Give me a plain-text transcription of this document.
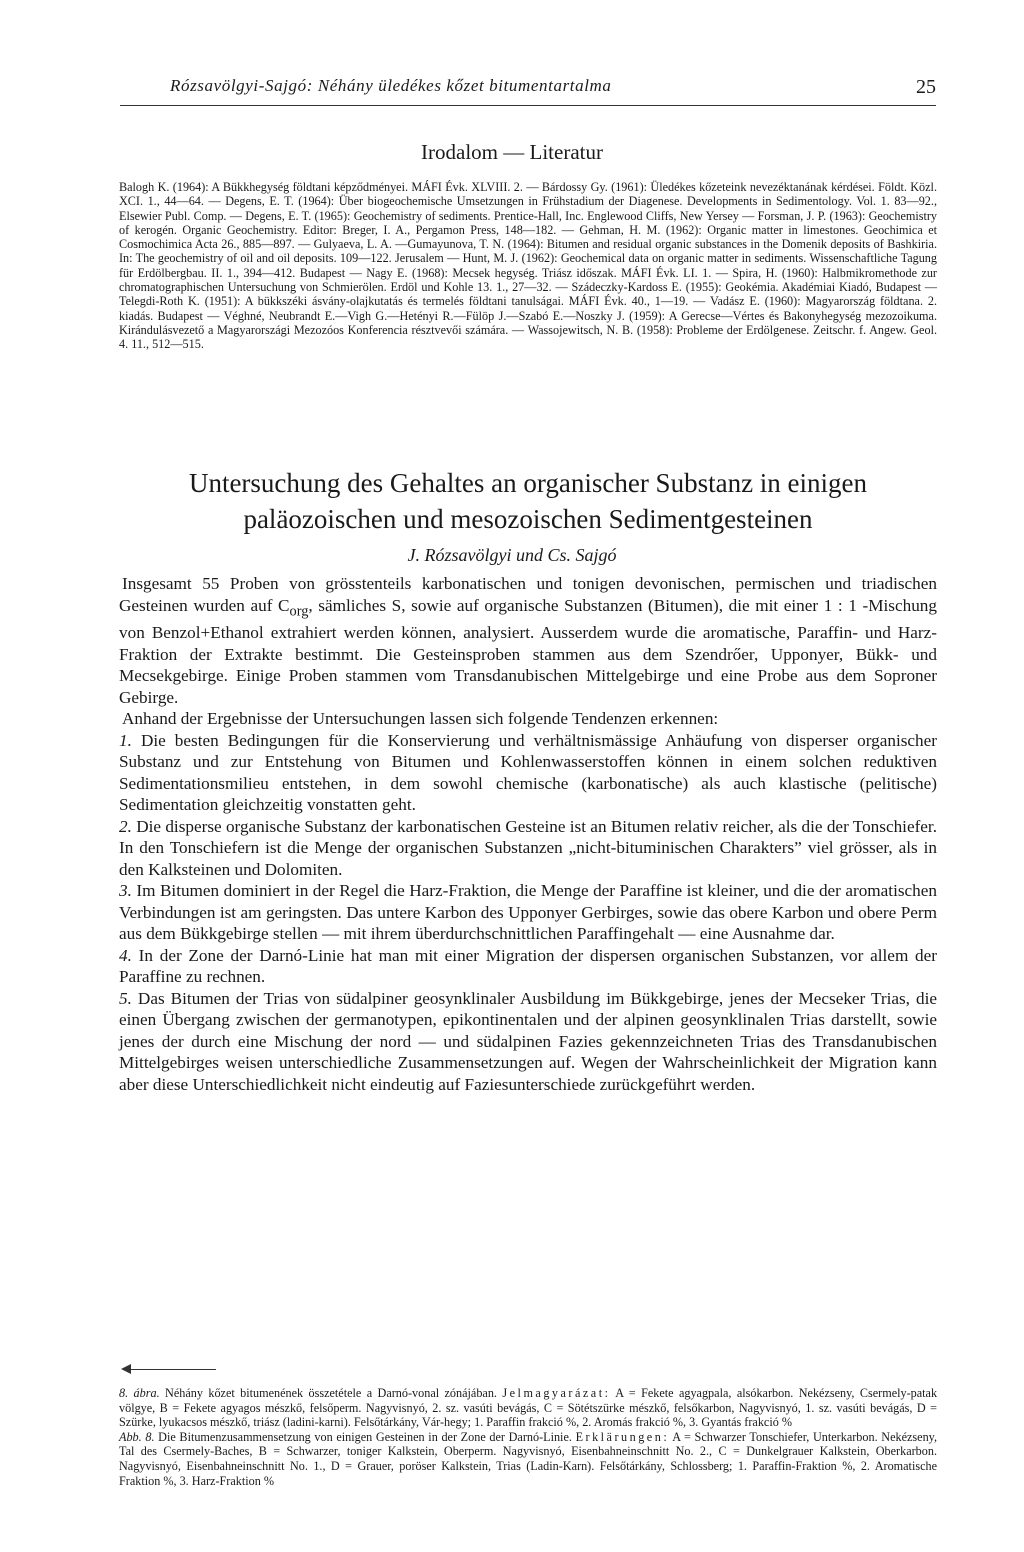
Rózsavölgyi-Sajgó: Néhány üledékes kőzet bitumentartalma	25
Irodalom — Literatur

Balogh K. (1964): A Bükkhegység földtani képződményei. MÁFI Évk. XLVIII. 2. — Bárdossy Gy. (1961): Üledékes kőzeteink nevezéktanának kérdései. Földt. Közl. XCI. 1., 44—64. — Degens, E. T. (1964): Über biogeochemische Umsetzungen in Frühstadium der Diagenese. Developments in Sedimentology. Vol. 1. 83—92., Elsewier Publ. Comp. — Degens, E. T. (1965): Geochemistry of sediments. Prentice-Hall, Inc. Englewood Cliffs, New Yersey — Forsman, J. P. (1963): Geochemistry of kerogén. Organic Geochemistry. Editor: Breger, I. A., Pergamon Press, 148—182. — Gehman, H. M. (1962): Organic matter in limestones. Geochimica et Cosmochimica Acta 26., 885—897. — Gulyaeva, L. A. —Gumayunova, T. N. (1964): Bitumen and residual organic substances in the Domenik deposits of Bashkiria. In: The geochemistry of oil and oil deposits. 109—122. Jerusalem — Hunt, M. J. (1962): Geochemical data on organic matter in sediments. Wissenschaftliche Tagung für Erdölbergbau. II. 1., 394—412. Budapest — Nagy E. (1968): Mecsek hegység. Triász időszak. MÁFI Évk. LI. 1. — Spira, H. (1960): Halbmikromethode zur chromatographischen Untersuchung von Schmierölen. Erdöl und Kohle 13. 1., 27—32. — Szádeczky-Kardoss E. (1955): Geokémia. Akadémiai Kiadó, Budapest — Telegdi-Roth K. (1951): A bükkszéki ásvány-olajkutatás és termelés földtani tanulságai. MÁFI Évk. 40., 1—19. — Vadász E. (1960): Magyarország földtana. 2. kiadás. Budapest — Véghné, Neubrandt E.—Vigh G.—Hetényi R.—Fülöp J.—Szabó E.—Noszky J. (1959): A Gerecse—Vértes és Bakonyhegység mezozoikuma. Kirándulásvezető a Magyarországi Mezozóos Konferencia résztvevői számára. — Wassojewitsch, N. B. (1958): Probleme der Erdölgenese. Zeitschr. f. Angew. Geol. 4. 11., 512—515.

Untersuchung des Gehaltes an organischer Substanz in einigen paläozoischen und mesozoischen Sedimentgesteinen
J. Rózsavölgyi und Cs. Sajgó

Insgesamt 55 Proben von grösstenteils karbonatischen und tonigen devonischen, permischen und triadischen Gesteinen wurden auf $C_{org}$, sämliches S, sowie auf organische Substanzen (Bitumen), die mit einer 1 : 1 -Mischung von Benzol+Ethanol extrahiert werden können, analysiert. Ausserdem wurde die aromatische, Paraffin- und Harz-Fraktion der Extrakte bestimmt. Die Gesteinsproben stammen aus dem Szendrőer, Upponyer, Bükk- und Mecsekgebirge. Einige Proben stammen vom Transdanubischen Mittelgebirge und eine Probe aus dem Soproner Gebirge.

Anhand der Ergebnisse der Untersuchungen lassen sich folgende Tendenzen erkennen:

1. Die besten Bedingungen für die Konservierung und verhältnismässige Anhäufung von disperser organischer Substanz und zur Entstehung von Bitumen und Kohlenwasserstoffen können in einem solchen reduktiven Sedimentationsmilieu entstehen, in dem sowohl chemische (karbonatische) als auch klastische (pelitische) Sedimentation gleichzeitig vonstatten geht.

2. Die disperse organische Substanz der karbonatischen Gesteine ist an Bitumen relativ reicher, als die der Tonschiefer. In den Tonschiefern ist die Menge der organischen Substanzen „nicht-bituminischen Charakters” viel grösser, als in den Kalksteinen und Dolomiten.

3. Im Bitumen dominiert in der Regel die Harz-Fraktion, die Menge der Paraffine ist kleiner, und die der aromatischen Verbindungen ist am geringsten. Das untere Karbon des Upponyer Gerbirges, sowie das obere Karbon und obere Perm aus dem Bükkgebirge stellen — mit ihrem überdurchschnittlichen Paraffingehalt — eine Ausnahme dar.

4. In der Zone der Darnó-Linie hat man mit einer Migration der dispersen organischen Substanzen, vor allem der Paraffine zu rechnen.

5. Das Bitumen der Trias von südalpiner geosynklinaler Ausbildung im Bükkgebirge, jenes der Mecseker Trias, die einen Übergang zwischen der germanotypen, epikontinentalen und der alpinen geosynklinalen Trias darstellt, sowie jenes der durch eine Mischung der nord — und südalpinen Fazies gekennzeichneten Trias des Transdanubischen Mittelgebirges weisen unterschiedliche Zusammensetzungen auf. Wegen der Wahrscheinlichkeit der Migration kann aber diese Unterschiedlichkeit nicht eindeutig auf Faziesunterschiede zurückgeführt werden.

8. ábra. Néhány kőzet bitumenének összetétele a Darnó-vonal zónájában. Jelmagyarázat: A = Fekete agyagpala, alsókarbon. Nekézseny, Csermely-patak völgye, B = Fekete agyagos mészkő, felsőperm. Nagyvisnyó, 2. sz. vasúti bevágás, C = Sötétszürke mészkő, felsőkarbon, Nagyvisnyó, 1. sz. vasúti bevágás, D = Szürke, lyukacsos mészkő, triász (ladini-karni). Felsőtárkány, Vár-hegy; 1. Paraffin frakció %, 2. Aromás frakció %, 3. Gyantás frakció %

Abb. 8. Die Bitumenzusammensetzung von einigen Gesteinen in der Zone der Darnó-Linie. Erklärungen: A = Schwarzer Tonschiefer, Unterkarbon. Nekézseny, Tal des Csermely-Baches, B = Schwarzer, toniger Kalkstein, Oberperm. Nagyvisnyó, Eisenbahneinschnitt No. 2., C = Dunkelgrauer Kalkstein, Oberkarbon. Nagyvisnyó, Eisenbahneinschnitt No. 1., D = Grauer, poröser Kalkstein, Trias (Ladin-Karn). Felsőtárkány, Schlossberg; 1. Paraffin-Fraktion %, 2. Aromatische Fraktion %, 3. Harz-Fraktion %
